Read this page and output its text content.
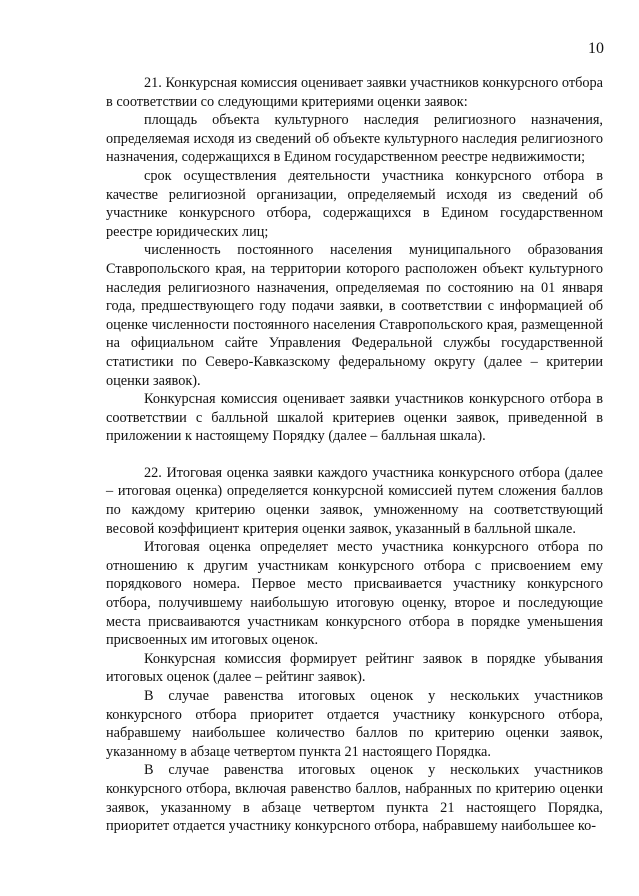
10

21. Конкурсная комиссия оценивает заявки участников конкурсного отбора в соответствии со следующими критериями оценки заявок:

площадь объекта культурного наследия религиозного назначения, определяемая исходя из сведений об объекте культурного наследия религиозного назначения, содержащихся в Едином государственном реестре недвижимости;

срок осуществления деятельности участника конкурсного отбора в качестве религиозной организации, определяемый исходя из сведений об участнике конкурсного отбора, содержащихся в Едином государственном реестре юридических лиц;

численность постоянного населения муниципального образования Ставропольского края, на территории которого расположен объект культурного наследия религиозного назначения, определяемая по состоянию на 01 января года, предшествующего году подачи заявки, в соответствии с информацией об оценке численности постоянного населения Ставропольского края, размещенной на официальном сайте Управления Федеральной службы государственной статистики по Северо-Кавказскому федеральному округу (далее – критерии оценки заявок).

Конкурсная комиссия оценивает заявки участников конкурсного отбора в соответствии с балльной шкалой критериев оценки заявок, приведенной в приложении к настоящему Порядку (далее – балльная шкала).

22. Итоговая оценка заявки каждого участника конкурсного отбора (далее – итоговая оценка) определяется конкурсной комиссией путем сложения баллов по каждому критерию оценки заявок, умноженному на соответствующий весовой коэффициент критерия оценки заявок, указанный в балльной шкале.

Итоговая оценка определяет место участника конкурсного отбора по отношению к другим участникам конкурсного отбора с присвоением ему порядкового номера. Первое место присваивается участнику конкурсного отбора, получившему наибольшую итоговую оценку, второе и последующие места присваиваются участникам конкурсного отбора в порядке уменьшения присвоенных им итоговых оценок.

Конкурсная комиссия формирует рейтинг заявок в порядке убывания итоговых оценок (далее – рейтинг заявок).

В случае равенства итоговых оценок у нескольких участников конкурсного отбора приоритет отдается участнику конкурсного отбора, набравшему наибольшее количество баллов по критерию оценки заявок, указанному в абзаце четвертом пункта 21 настоящего Порядка.

В случае равенства итоговых оценок у нескольких участников конкурсного отбора, включая равенство баллов, набранных по критерию оценки заявок, указанному в абзаце четвертом пункта 21 настоящего Порядка, приоритет отдается участнику конкурсного отбора, набравшему наибольшее ко-
